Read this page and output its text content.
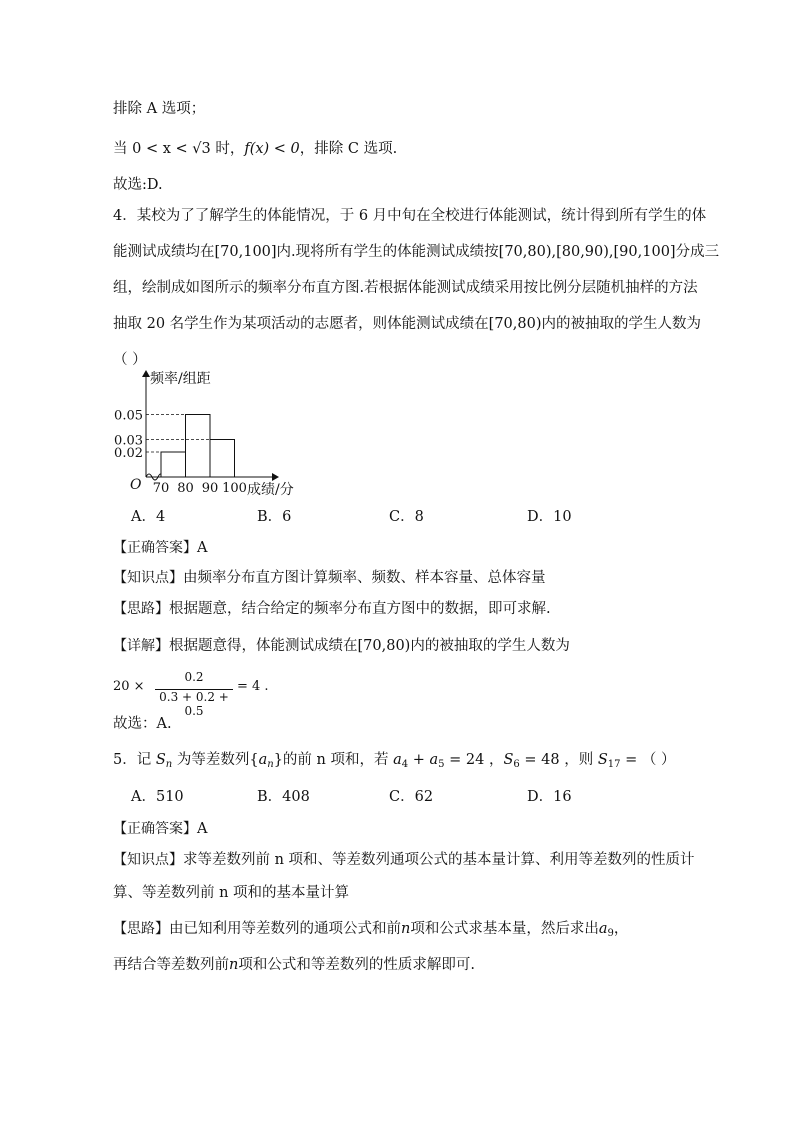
排除 A 选项；
当 0 < x < √3 时，f(x) < 0，排除 C 选项.
故选:D.
4．某校为了了解学生的体能情况，于 6 月中旬在全校进行体能测试，统计得到所有学生的体
能测试成绩均在[70,100]内.现将所有学生的体能测试成绩按[70,80),[80,90),[90,100]分成三
组，绘制成如图所示的频率分布直方图.若根据体能测试成绩采用按比例分层随机抽样的方法
抽取 20 名学生作为某项活动的志愿者，则体能测试成绩在[70,80)内的被抽取的学生人数为
（ ）
0.05
0.03
0.02
70 80 90 100
频率/组距
成绩/分
O
A．4	B．6	C．8	D．10
【正确答案】A
【知识点】由频率分布直方图计算频率、频数、样本容量、总体容量
【思路】根据题意，结合给定的频率分布直方图中的数据，即可求解.
【详解】根据题意得，体能测试成绩在[70,80)内的被抽取的学生人数为
20 ×
0.2
0.3 + 0.2 + 0.5
= 4 .
故选：A.
5．记 $S_n$ 为等差数列$\{a_n\}$的前 n 项和，若 $a_4 + a_5 = 24$ ，$S_6 = 48$ ，则 $S_{17}$ = （ ）
A．510	B．408	C．62	D．16
【正确答案】A
【知识点】求等差数列前 n 项和、等差数列通项公式的基本量计算、利用等差数列的性质计
算、等差数列前 n 项和的基本量计算
【思路】由已知利用等差数列的通项公式和前n项和公式求基本量，然后求出$a_9$，
再结合等差数列前n项和公式和等差数列的性质求解即可.
